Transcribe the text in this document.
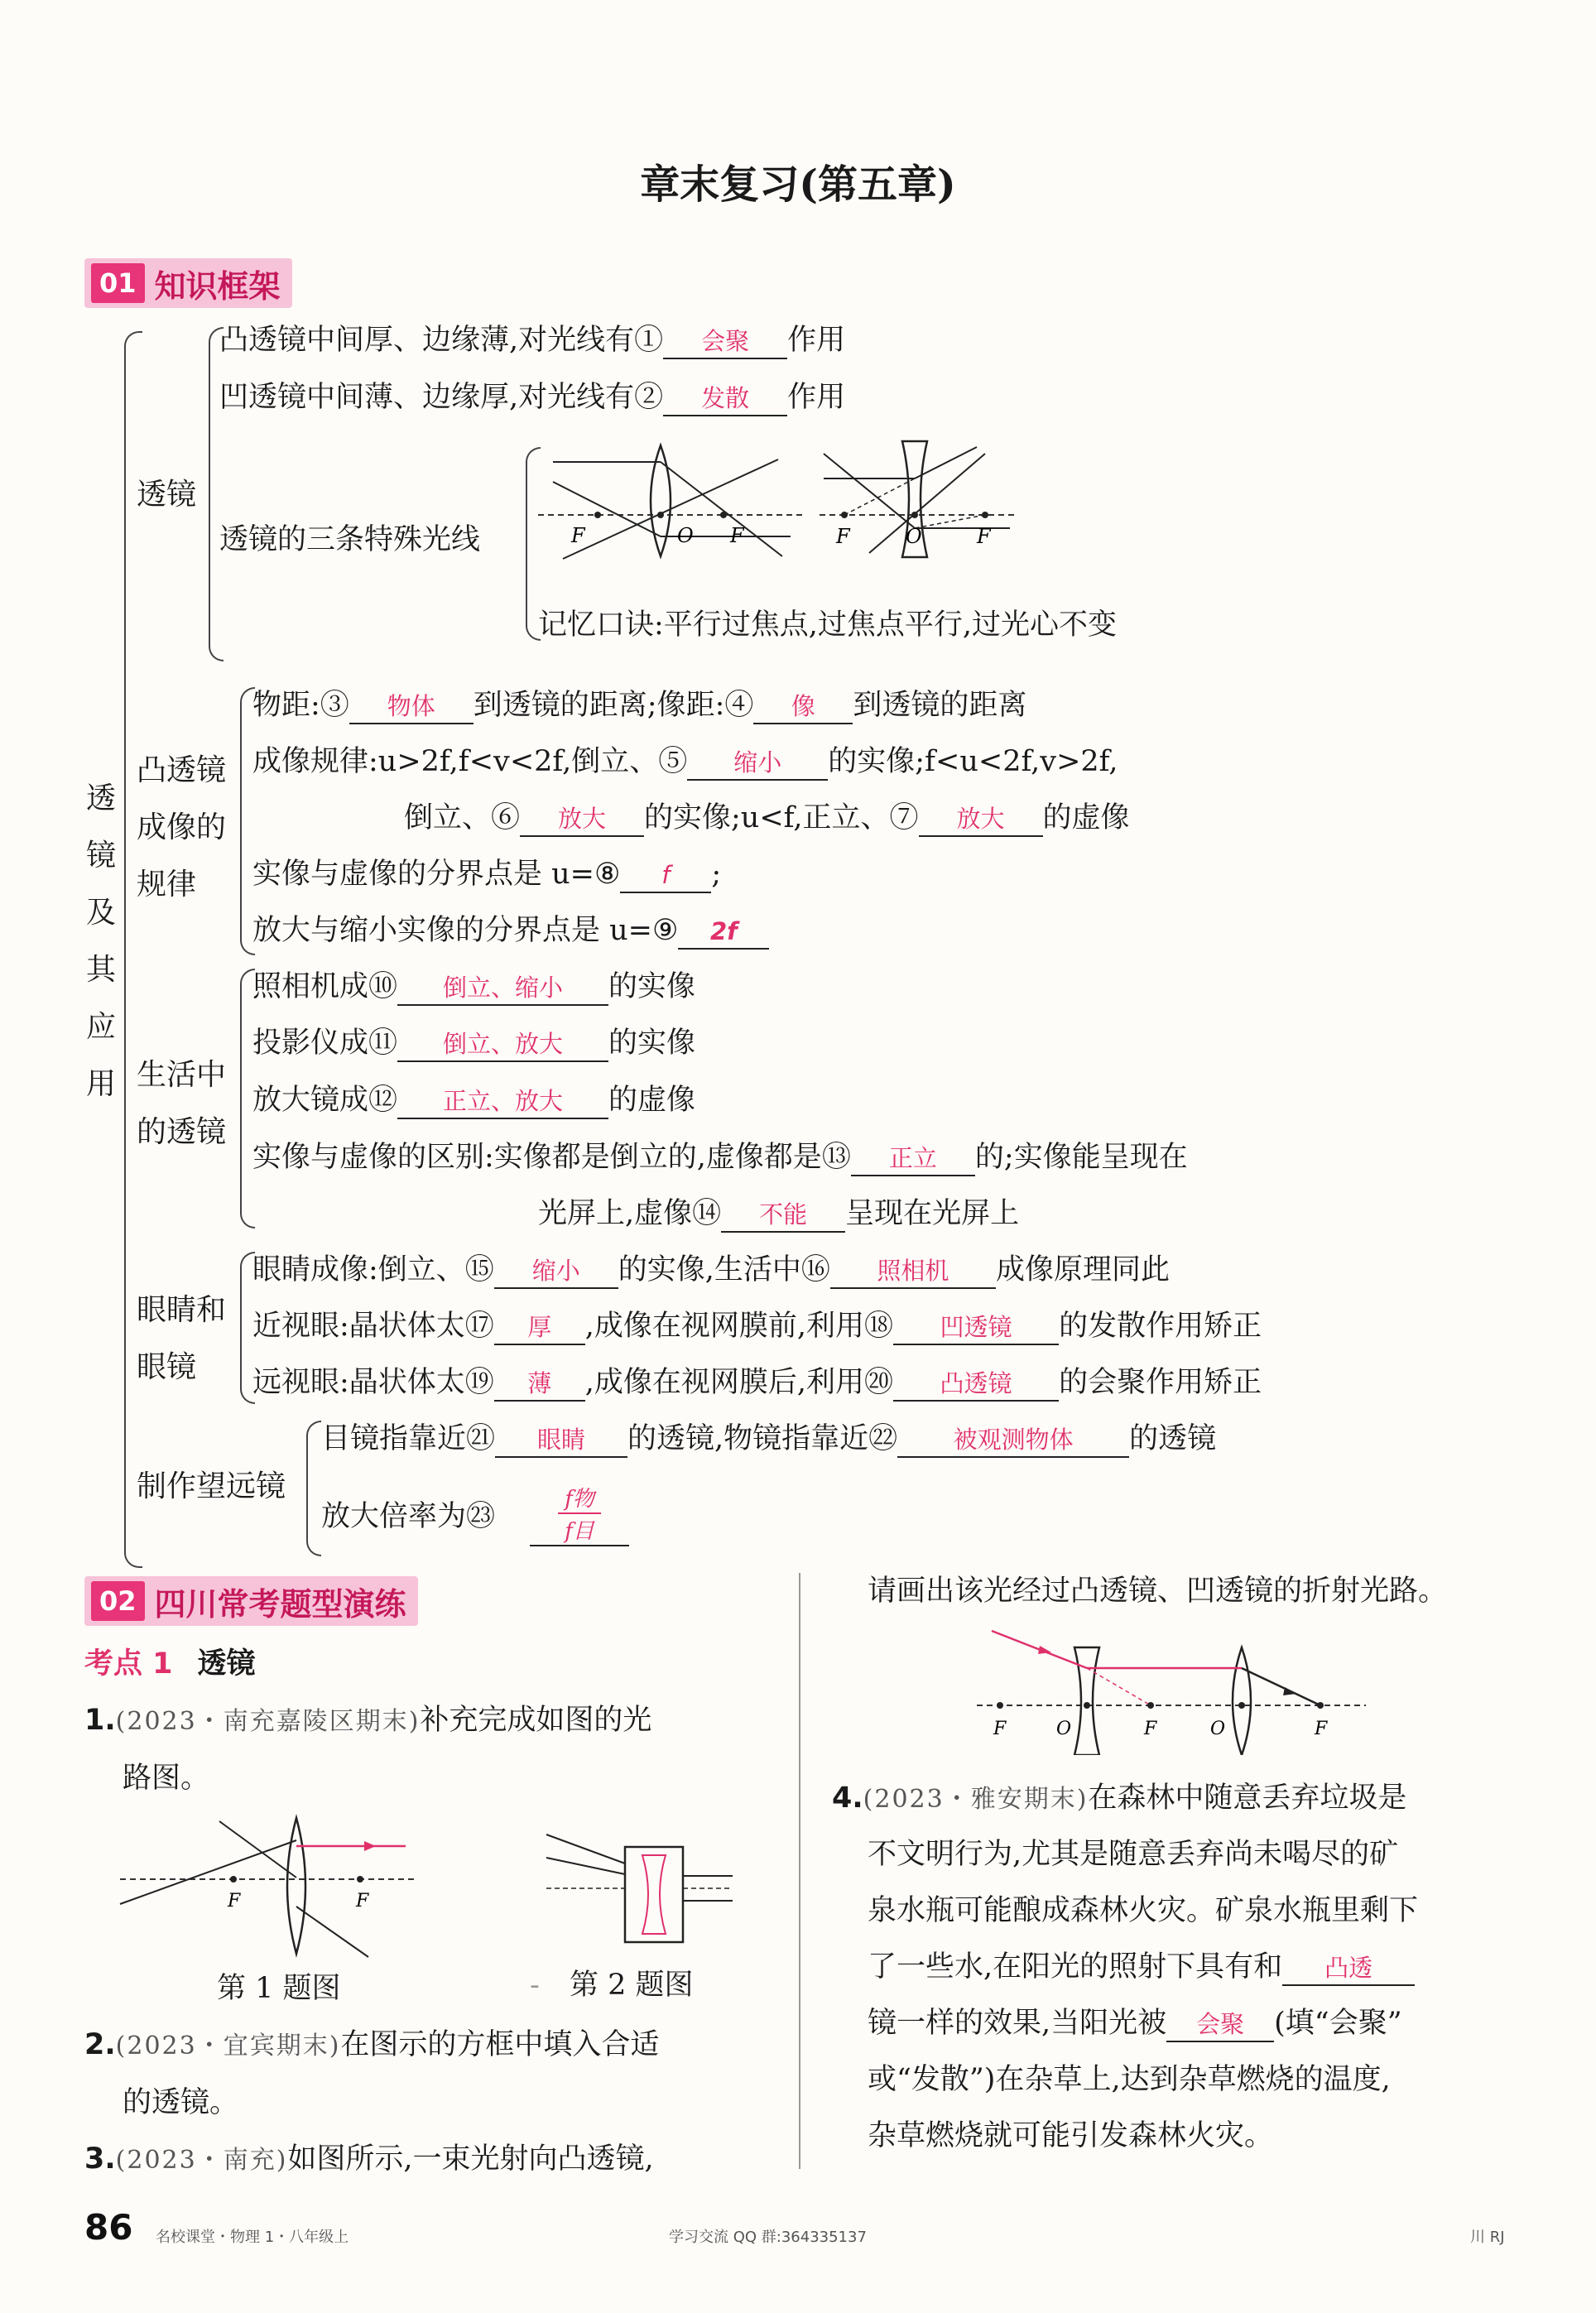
章末复习(第五章)
01 知识框架
透
镜
及
其
应
用
透镜
凸透镜中间厚、边缘薄,对光线有① 会聚 作用
凹透镜中间薄、边缘厚,对光线有② 发散 作用
透镜的三条特殊光线	F	O F	F	O	F
记忆口诀:平行过焦点,过焦点平行,过光心不变
凸透镜
成像的
规律
物距:③ 物体 到透镜的距离;像距:④ 像 到透镜的距离
成像规律:u>2f,f<v<2f,倒立、⑤ 缩小 的实像;f<u<2f,v>2f,
倒立、⑥ 放大 的实像;u<f,正立、⑦ 放大 的虚像
实像与虚像的分界点是 u=⑧ f ;
放大与缩小实像的分界点是 u=⑨ 2f
生活中
的透镜
照相机成⑩ 倒立、缩小 的实像
投影仪成⑪ 倒立、放大 的实像
放大镜成⑫ 正立、放大 的虚像
实像与虚像的区别:实像都是倒立的,虚像都是⑬ 正立 的;实像能呈现在
光屏上,虚像⑭ 不能 呈现在光屏上
眼睛和
眼镜
眼睛成像:倒立、⑮ 缩小 的实像,生活中⑯ 照相机 成像原理同此
近视眼:晶状体太⑰ 厚 ,成像在视网膜前,利用⑱ 凹透镜 的发散作用矫正
远视眼:晶状体太⑲ 薄 ,成像在视网膜后,利用⑳ 凸透镜 的会聚作用矫正
制作望远镜
目镜指靠近㉑ 眼睛 的透镜,物镜指靠近㉒ 被观测物体 的透镜
放大倍率为㉓
f物
f目
02 四川常考题型演练
考点 1 透镜
1.(2023・南充嘉陵区期末)补充完成如图的光
路图。
F	F
第 1 题图	- 第 2 题图
2.(2023・宜宾期末)在图示的方框中填入合适
的透镜。
3.(2023・南充)如图所示,一束光射向凸透镜,
请画出该光经过凸透镜、凹透镜的折射光路。
F	O	F	O	F
4.(2023・雅安期末)在森林中随意丢弃垃圾是
不文明行为,尤其是随意丢弃尚未喝尽的矿
泉水瓶可能酿成森林火灾。矿泉水瓶里剩下
了一些水,在阳光的照射下具有和 凸透
镜一样的效果,当阳光被 会聚 (填“会聚”
或“发散”)在杂草上,达到杂草燃烧的温度,
杂草燃烧就可能引发森林火灾。
86 名校课堂・物理 1・八年级上	学习交流 QQ 群:364335137	川 RJ
